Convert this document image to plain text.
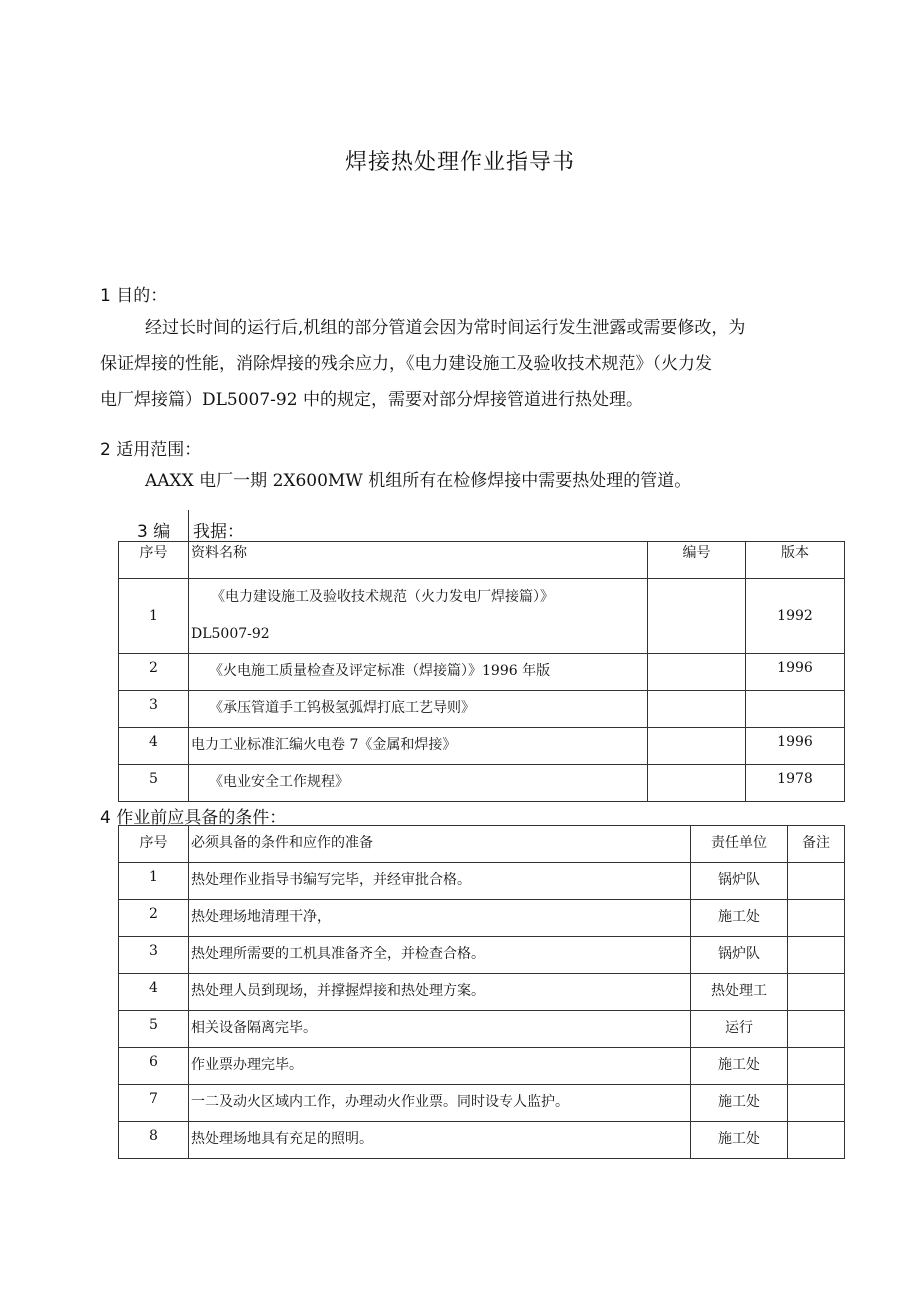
焊接热处理作业指导书
1 目的：
经过长时间的运行后,机组的部分管道会因为常时间运行发生泄露或需要修改，为
保证焊接的性能，消除焊接的残余应力，《电力建设施工及验收技术规范》（火力发
电厂焊接篇）DL5007-92 中的规定，需要对部分焊接管道进行热处理。
2 适用范围：
AAXX 电厂一期 2X600MW 机组所有在检修焊接中需要热处理的管道。
3 编 我据：
序号	资料名称	编号	版本
1	《电力建设施工及验收技术规范（火力发电厂焊接篇）》
DL5007-92		1992
2	《火电施工质量检查及评定标准（焊接篇）》1996 年版		1996
3	《承压管道手工钨极氢弧焊打底工艺导则》		
4	电力工业标准汇编火电卷 7《金属和焊接》		1996
5	《电业安全工作规程》		1978
4 作业前应具备的条件：
序号	必须具备的条件和应作的准备	责任单位	备注
1	热处理作业指导书编写完毕，并经审批合格。	锅炉队	
2	热处理场地清理干净，	施工处	
3	热处理所需要的工机具准备齐全，并检查合格。	锅炉队	
4	热处理人员到现场，并撑握焊接和热处理方案。	热处理工	
5	相关设备隔离完毕。	运行	
6	作业票办理完毕。	施工处	
7	一二及动火区域内工作，办理动火作业票。同时设专人监护。	施工处	
8	热处理场地具有充足的照明。	施工处	
